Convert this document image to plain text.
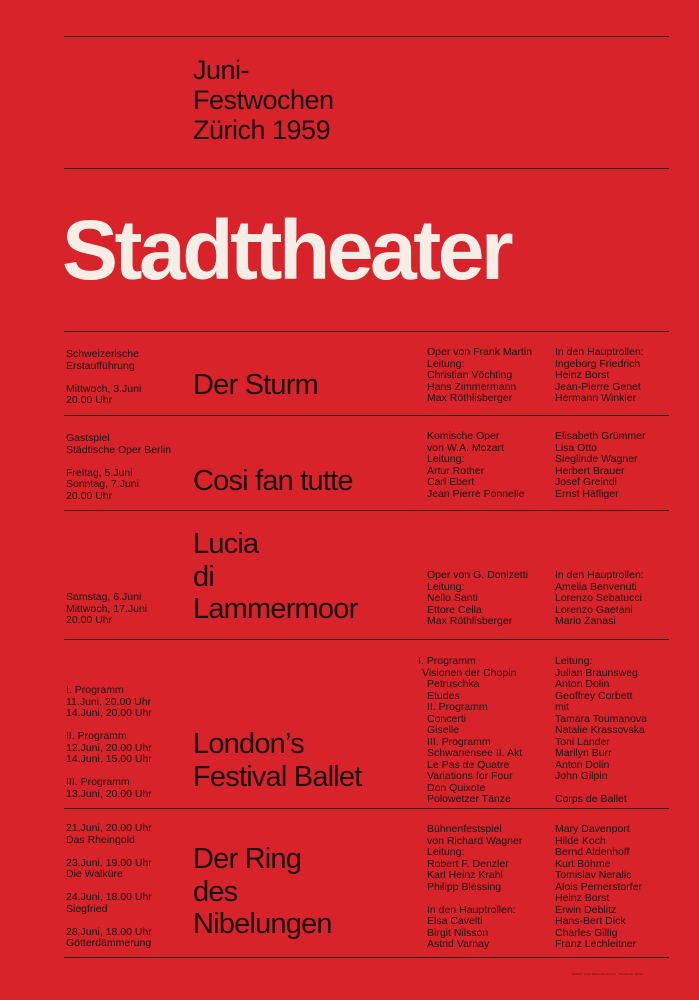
Juni-
Festwochen
Zürich 1959
Stadttheater
Schweizerische
Erstaufführung
Mittwoch, 3.Juni
20.00 Uhr	Der Sturm
Oper von Frank Martin
Leitung:
Christian Vöchting
Hans Zimmermann
Max Röthlisberger
In den Hauptrollen:
Ingeborg Friedrich
Heinz Borst
Jean-Pierre Genet
Hermann Winkler
Gastspiel
Städtische Oper Berlin
Freitag, 5.Juni
Sonntag, 7.Juni
20.00 Uhr	Cosi fan tutte
Komische Oper
von W.A. Mozart
Leitung:
Artur Rother
Carl Ebert
Jean Pierre Ponnelle
Elisabeth Grümmer
Lisa Otto
Sieglinde Wagner
Herbert Brauer
Josef Greindl
Ernst Häfliger
Samstag, 6.Juni
Mittwoch, 17.Juni
20.00 Uhr
Lucia
di
Lammermoor
Oper von G. Donizetti
Leitung:
Nello Santi
Ettore Cella
Max Röthlisberger
In den Hauptrollen:
Amelia Benvenuti
Lorenzo Sebatucci
Lorenzo Gaetani
Mario Zanasi
I. Programm
11.Juni, 20.00 Uhr
14.Juni, 20.00 Uhr
II. Programm
12.Juni, 20.00 Uhr
14.Juni, 15.00 Uhr
III. Programm
13.Juni, 20.00 Uhr
London’s
Festival Ballet
I. Programm
Visionen der Chopin
Petruschka
Etudes
II. Programm
Concerti
Giselle
III. Programm
Schwanensee II. Akt
Le Pas de Quatre
Variations for Four
Don Quixote
Polowetzer Tänze
Leitung:
Julian Braunsweg
Anton Dolin
Geoffrey Corbett
mit
Tamara Toumanova
Natalie Krassovska
Toni Lander
Marilyn Burr
Anton Dolin
John Gilpin
Corps de Ballet
21.Juni, 20.00 Uhr
Das Rheingold
23.Juni, 19.00 Uhr
Die Walküre
24.Juni, 18.00 Uhr
Siegfried
28.Juni, 18.00 Uhr
Götterdämmerung
Der Ring
des
Nibelungen
Bühnenfestspiel
von Richard Wagner
Leitung:
Robert F. Denzler
Karl Heinz Krahl
Philipp Blessing
In den Hauptrollen:
Elsa Cavelti
Birgit Nilsson
Astrid Varnay
Mary Davenport
Hilde Koch
Bernd Aldenhoff
Kurt Böhme
Tomislav Neralic
Alois Pernerstorfer
Heinz Borst
Erwin Deblitz
Hans-Bert Dick
Charles Gillig
Franz Lechleitner
Entwurf: Josef Müller-Brockmann · Buchdruck: Zürich
